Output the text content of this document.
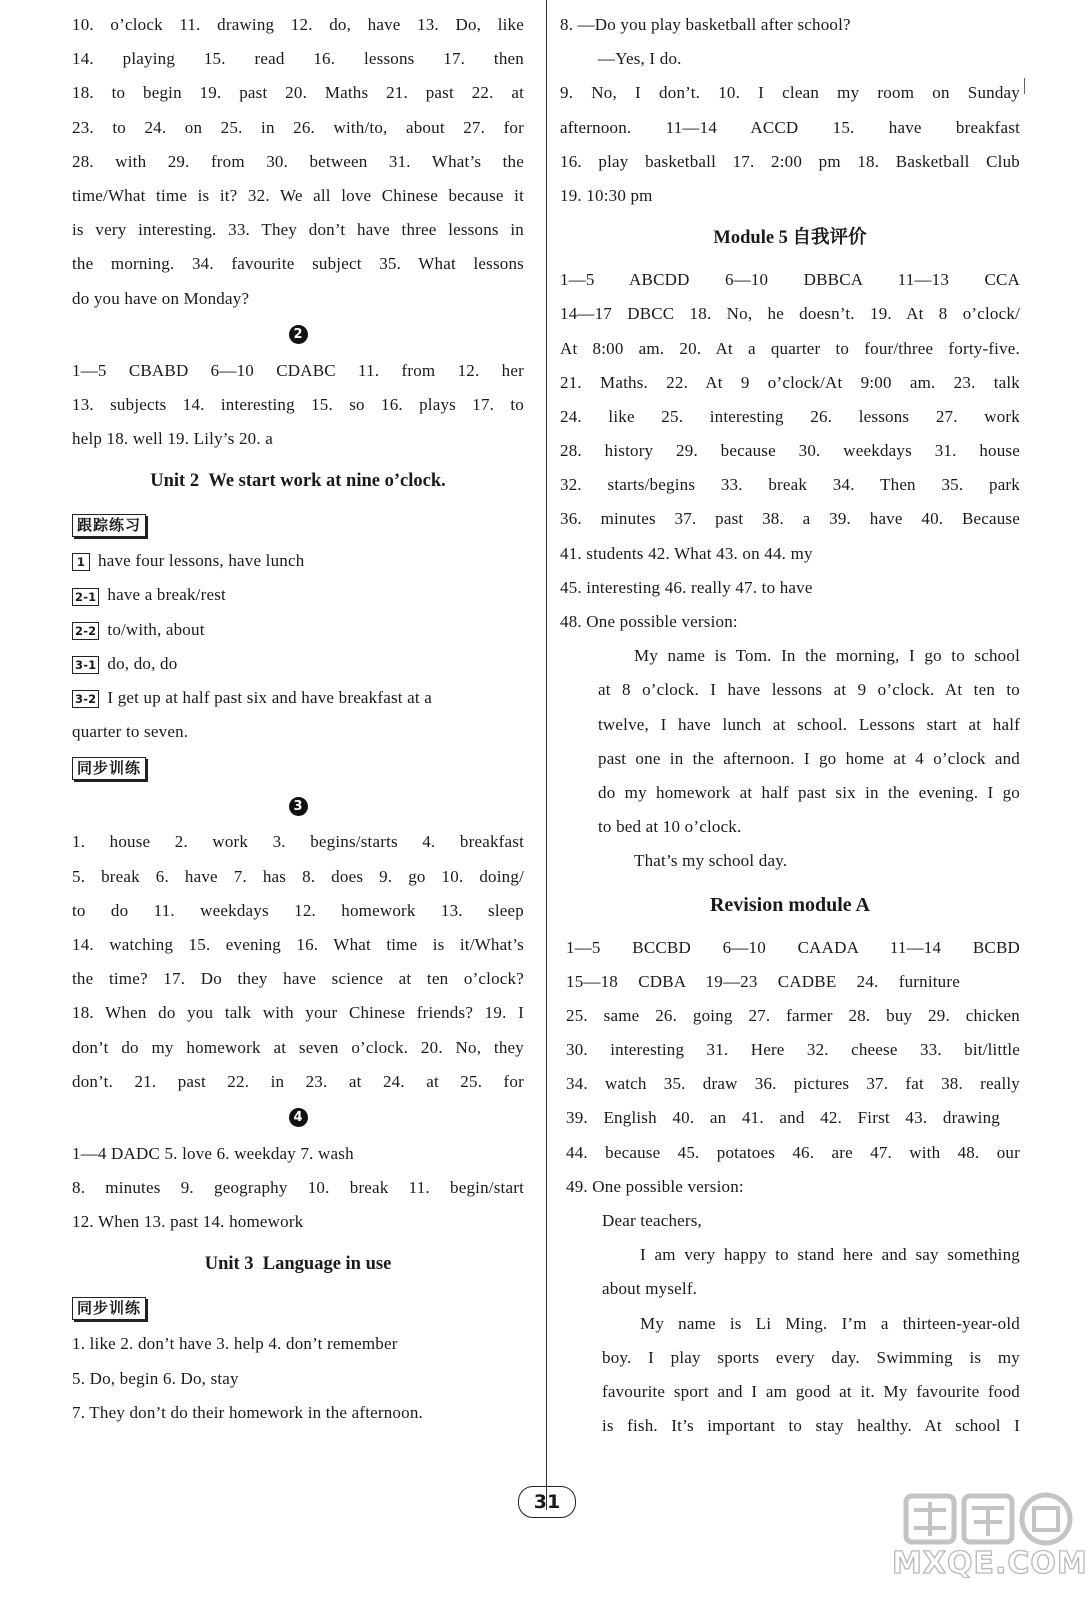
10. o’clock 11. drawing 12. do, have 13. Do, like
14. playing 15. read 16. lessons 17. then
18. to begin 19. past 20. Maths 21. past 22. at
23. to 24. on 25. in 26. with/to, about 27. for
28. with 29. from 30. between 31. What’s the
time/What time is it? 32. We all love Chinese because it
is very interesting. 33. They don’t have three lessons in
the morning. 34. favourite subject 35. What lessons
do you have on Monday?
2
1—5 CBABD 6—10 CDABC 11. from 12. her
13. subjects 14. interesting 15. so 16. plays 17. to
help 18. well 19. Lily’s 20. a
Unit 2 We start work at nine o’clock.
跟踪练习
1 have four lessons, have lunch
2-1 have a break/rest
2-2 to/with, about
3-1 do, do, do
3-2 I get up at half past six and have breakfast at a
quarter to seven.
同步训练
3
1. house 2. work 3. begins/starts 4. breakfast
5. break 6. have 7. has 8. does 9. go 10. doing/
to do 11. weekdays 12. homework 13. sleep
14. watching 15. evening 16. What time is it/What’s
the time? 17. Do they have science at ten o’clock?
18. When do you talk with your Chinese friends? 19. I
don’t do my homework at seven o’clock. 20. No, they
don’t. 21. past 22. in 23. at 24. at 25. for
4
1—4 DADC 5. love 6. weekday 7. wash
8. minutes 9. geography 10. break 11. begin/start
12. When 13. past 14. homework
Unit 3 Language in use
同步训练
1. like 2. don’t have 3. help 4. don’t remember
5. Do, begin 6. Do, stay
7. They don’t do their homework in the afternoon.
8. —Do you play basketball after school?
—Yes, I do.
9. No, I don’t. 10. I clean my room on Sunday
afternoon. 11—14 ACCD 15. have breakfast
16. play basketball 17. 2:00 pm 18. Basketball Club
19. 10:30 pm
Module 5 自我评价
1—5 ABCDD 6—10 DBBCA 11—13 CCA
14—17 DBCC 18. No, he doesn’t. 19. At 8 o’clock/
At 8:00 am. 20. At a quarter to four/three forty-five.
21. Maths. 22. At 9 o’clock/At 9:00 am. 23. talk
24. like 25. interesting 26. lessons 27. work
28. history 29. because 30. weekdays 31. house
32. starts/begins 33. break 34. Then 35. park
36. minutes 37. past 38. a 39. have 40. Because
41. students 42. What 43. on 44. my
45. interesting 46. really 47. to have
48. One possible version:
My name is Tom. In the morning, I go to school
at 8 o’clock. I have lessons at 9 o’clock. At ten to
twelve, I have lunch at school. Lessons start at half
past one in the afternoon. I go home at 4 o’clock and
do my homework at half past six in the evening. I go
to bed at 10 o’clock.
That’s my school day.
Revision module A
1—5 BCCBD 6—10 CAADA 11—14 BCBD
15—18 CDBA 19—23 CADBE 24. furniture
25. same 26. going 27. farmer 28. buy 29. chicken
30. interesting 31. Here 32. cheese 33. bit/little
34. watch 35. draw 36. pictures 37. fat 38. really
39. English 40. an 41. and 42. First 43. drawing
44. because 45. potatoes 46. are 47. with 48. our
49. One possible version:
Dear teachers,
I am very happy to stand here and say something
about myself.
My name is Li Ming. I’m a thirteen-year-old
boy. I play sports every day. Swimming is my
favourite sport and I am good at it. My favourite food
is fish. It’s important to stay healthy. At school I
31
MXQE.COM
